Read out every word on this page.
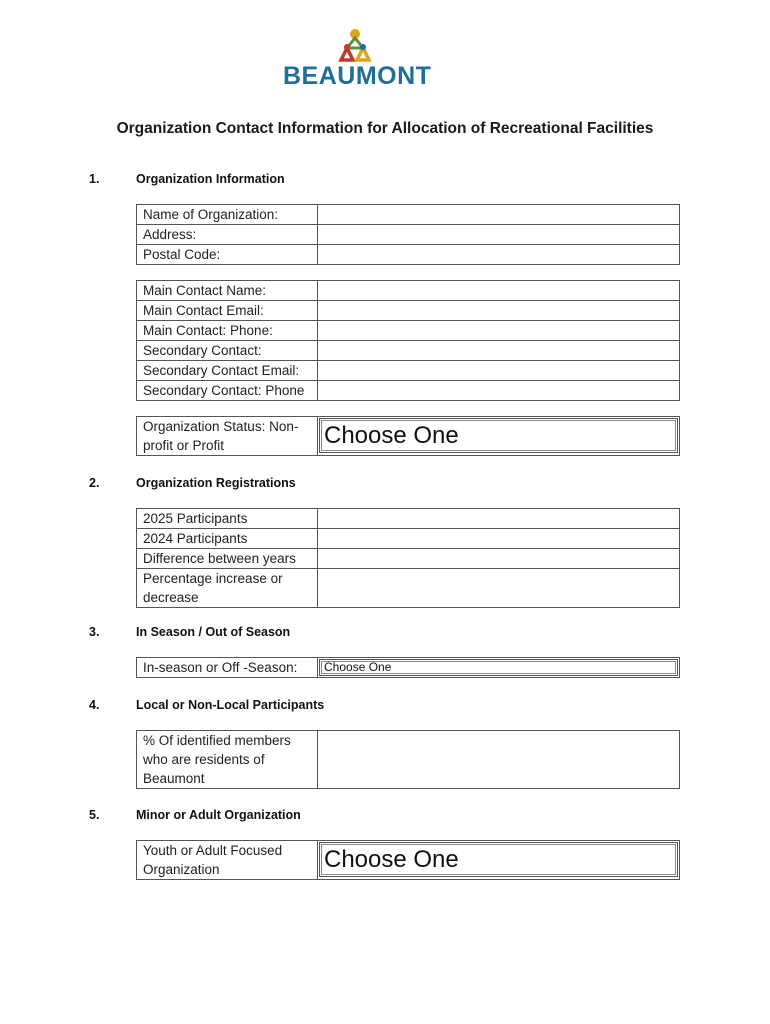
BEAUMONT
Organization Contact Information for Allocation of Recreational Facilities
1.	Organization Information
Name of Organization:	
Address:	
Postal Code:	
Main Contact Name:	
Main Contact Email:	
Main Contact: Phone:	
Secondary Contact:	
Secondary Contact Email:	
Secondary Contact: Phone	
Organization Status: Non-profit or Profit	Choose One
2.	Organization Registrations
2025 Participants	
2024 Participants	
Difference between years	
Percentage increase or decrease	
3.	In Season / Out of Season
In-season or Off -Season:	Choose One
4.	Local or Non-Local Participants
% Of identified members who are residents of Beaumont	
5.	Minor or Adult Organization
Youth or Adult Focused Organization	Choose One
